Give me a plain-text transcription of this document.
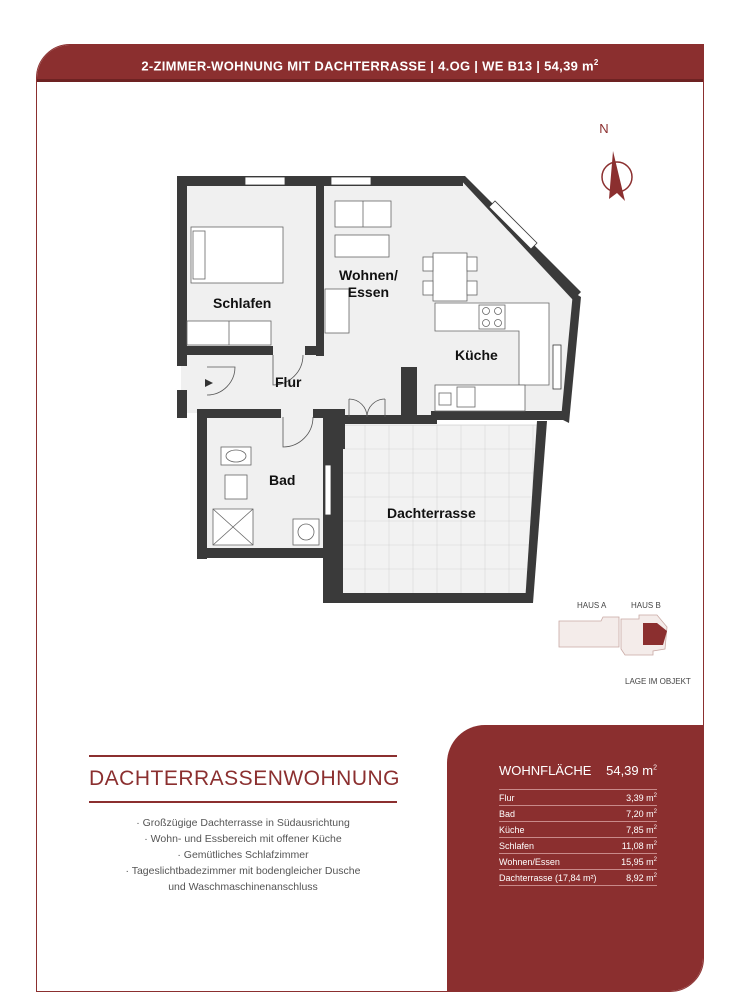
2-ZIMMER-WOHNUNG MIT DACHTERRASSE | 4.OG | WE B13 | 54,39 $m^2$
Wohnen/
Essen
Schlafen
Küche
Flur
Bad
Dachterrasse
N
HAUS A	HAUS B
LAGE IM OBJEKT
DACHTERRASSENWOHNUNG
· Großzügige Dachterrasse in Südausrichtung
· Wohn- und Essbereich mit offener Küche
· Gemütliches Schlafzimmer
· Tageslichtbadezimmer mit bodengleicher Dusche
und Waschmaschinenanschluss
WOHNFLÄCHE 54,39 $m^2$
Flur	3,39 $m^2$
Bad	7,20 $m^2$
Küche	7,85 $m^2$
Schlafen	11,08 $m^2$
Wohnen/Essen	15,95 $m^2$
Dachterrasse (17,84 m²)	8,92 $m^2$
